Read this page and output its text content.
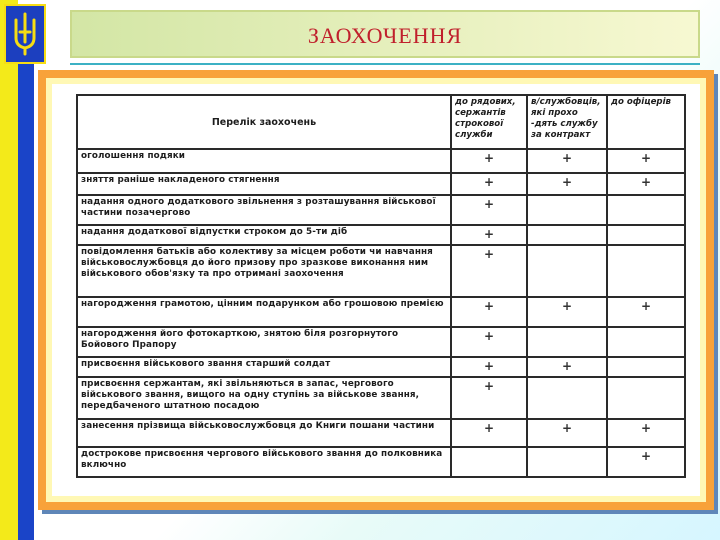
ЗАОХОЧЕННЯ
Перелік заохочень	до рядових, сержантів строкової служби	в/службовців, які прохо -дять службу за контракт	до офіцерів
оголошення подяки	+	+	+
зняття раніше накладеного стягнення	+	+	+
надання одного додаткового звільнення з розташування військової частини позачергово	+		
надання додаткової відпустки строком до 5-ти діб	+		
повідомлення батьків або колективу за місцем роботи чи навчання військовослужбовця до його призову про зразкове виконання ним військового обов'язку та про отримані заохочення	+		
нагородження грамотою, цінним подарунком або грошовою премією	+	+	+
нагородження його фотокарткою, знятою біля розгорнутого Бойового Прапору	+		
присвоєння військового звання старший солдат	+	+	
присвоєння сержантам, які звільняються в запас, чергового військового звання, вищого на одну ступінь за військове звання, передбаченого штатною посадою	+		
занесення прізвища військовослужбовця до Книги пошани частини	+	+	+
дострокове присвоєння чергового військового звання до полковника включно			+
